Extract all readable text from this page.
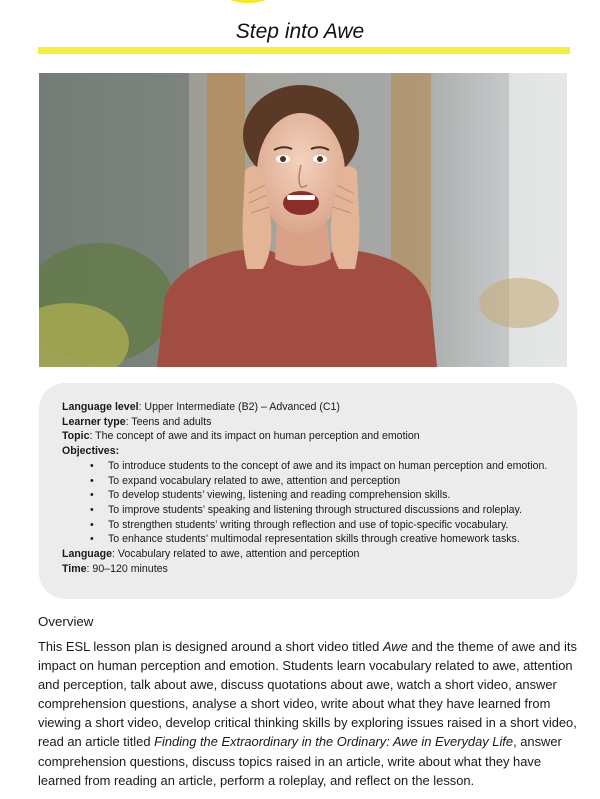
Step into Awe
Language level: Upper Intermediate (B2) – Advanced (C1)
Learner type: Teens and adults
Topic: The concept of awe and its impact on human perception and emotion
Objectives:
• To introduce students to the concept of awe and its impact on human perception and emotion.
• To expand vocabulary related to awe, attention and perception
• To develop students’ viewing, listening and reading comprehension skills.
• To improve students’ speaking and listening through structured discussions and roleplay.
• To strengthen students’ writing through reflection and use of topic-specific vocabulary.
• To enhance students’ multimodal representation skills through creative homework tasks.
Language: Vocabulary related to awe, attention and perception
Time: 90–120 minutes
Overview

This ESL lesson plan is designed around a short video titled Awe and the theme of awe and its impact on human perception and emotion. Students learn vocabulary related to awe, attention and perception, talk about awe, discuss quotations about awe, watch a short video, answer comprehension questions, analyse a short video, write about what they have learned from viewing a short video, develop critical thinking skills by exploring issues raised in a short video, read an article titled Finding the Extraordinary in the Ordinary: Awe in Everyday Life, answer comprehension questions, discuss topics raised in an article, write about what they have learned from reading an article, perform a roleplay, and reflect on the lesson.
